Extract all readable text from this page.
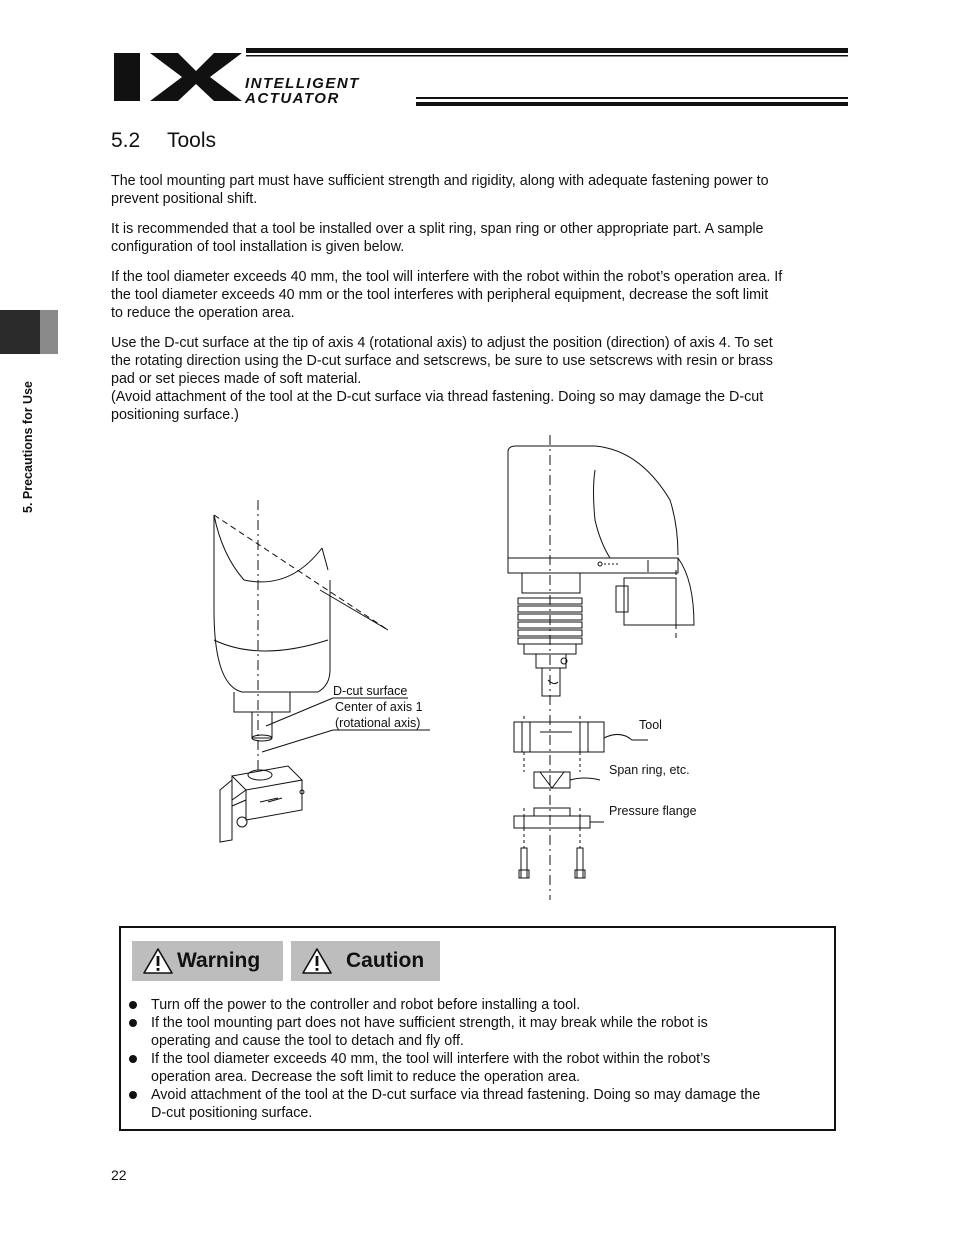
INTELLIGENT
ACTUATOR
5. Precautions for Use
5.2 Tools

The tool mounting part must have sufficient strength and rigidity, along with adequate fastening power to
prevent positional shift.

It is recommended that a tool be installed over a split ring, span ring or other appropriate part. A sample
configuration of tool installation is given below.

If the tool diameter exceeds 40 mm, the tool will interfere with the robot within the robot’s operation area. If
the tool diameter exceeds 40 mm or the tool interferes with peripheral equipment, decrease the soft limit
to reduce the operation area.

Use the D-cut surface at the tip of axis 4 (rotational axis) to adjust the position (direction) of axis 4. To set
the rotating direction using the D-cut surface and setscrews, be sure to use setscrews with resin or brass
pad or set pieces made of soft material.
(Avoid attachment of the tool at the D-cut surface via thread fastening. Doing so may damage the D-cut
positioning surface.)

D-cut surface
Center of axis 1
(rotational axis)	Tool
Span ring, etc.
Pressure flange
Warning	Caution
Turn off the power to the controller and robot before installing a tool.
If the tool mounting part does not have sufficient strength, it may break while the robot is
operating and cause the tool to detach and fly off.
If the tool diameter exceeds 40 mm, the tool will interfere with the robot within the robot’s
operation area. Decrease the soft limit to reduce the operation area.
Avoid attachment of the tool at the D-cut surface via thread fastening. Doing so may damage the
D-cut positioning surface.
22
